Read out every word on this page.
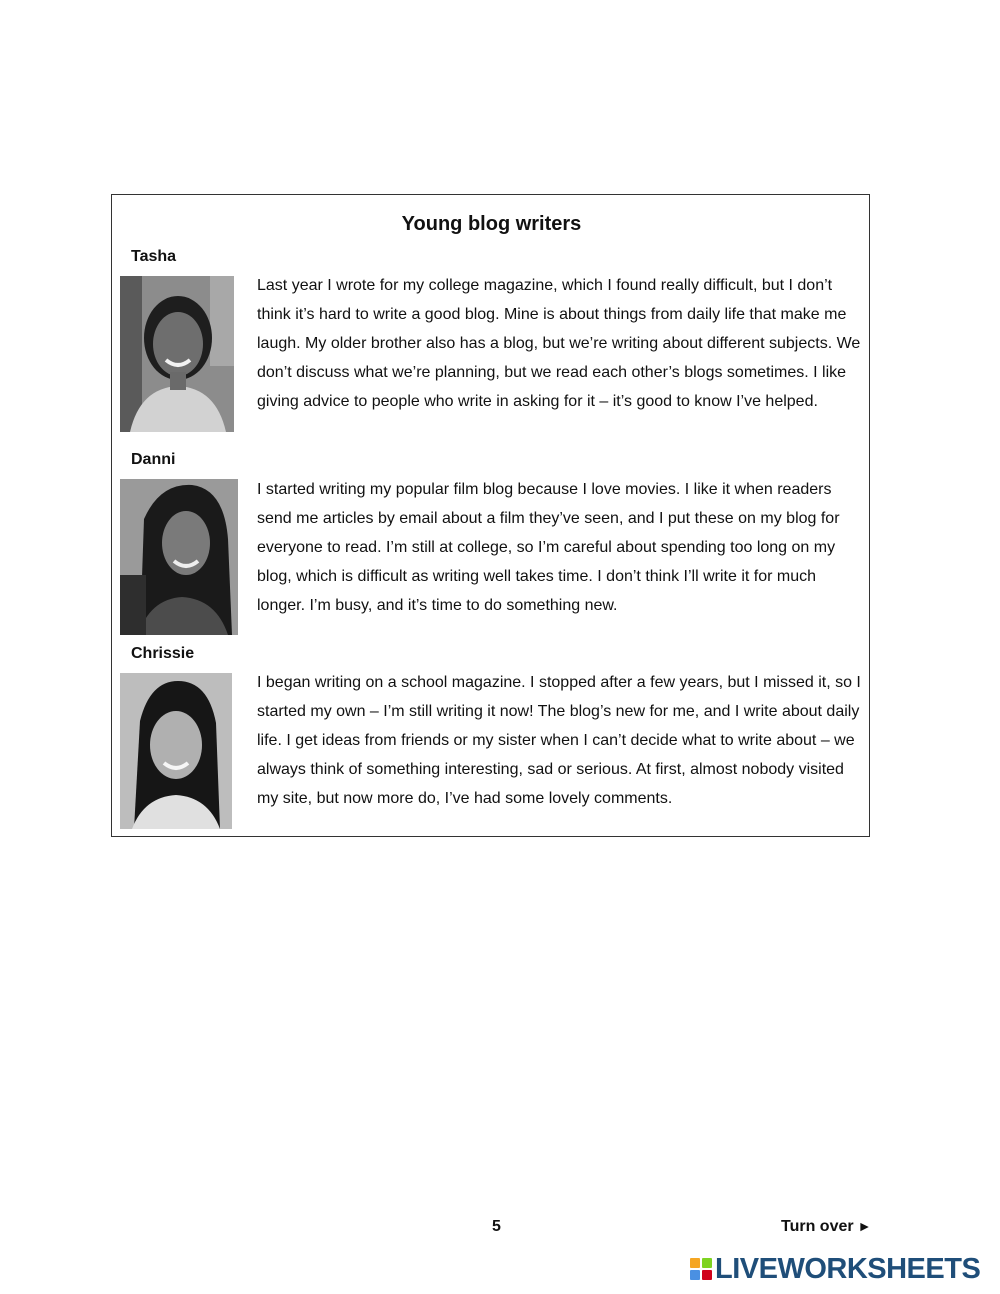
Young blog writers
Tasha

Last year I wrote for my college magazine, which I found really difficult, but I don’t think it’s hard to write a good blog. Mine is about things from daily life that make me laugh. My older brother also has a blog, but we’re writing about different subjects. We don’t discuss what we’re planning, but we read each other’s blogs sometimes. I like giving advice to people who write in asking for it – it’s good to know I’ve helped.

Danni

I started writing my popular film blog because I love movies. I like it when readers send me articles by email about a film they’ve seen, and I put these on my blog for everyone to read. I’m still at college, so I’m careful about spending too long on my blog, which is difficult as writing well takes time. I don’t think I’ll write it for much longer. I’m busy, and it’s time to do something new.

Chrissie

I began writing on a school magazine. I stopped after a few years, but I missed it, so I started my own – I’m still writing it now! The blog’s new for me, and I write about daily life. I get ideas from friends or my sister when I can’t decide what to write about – we always think of something interesting, sad or serious. At first, almost nobody visited my site, but now more do, I’ve had some lovely comments.

5	Turn over ►
LIVEWORKSHEETS
